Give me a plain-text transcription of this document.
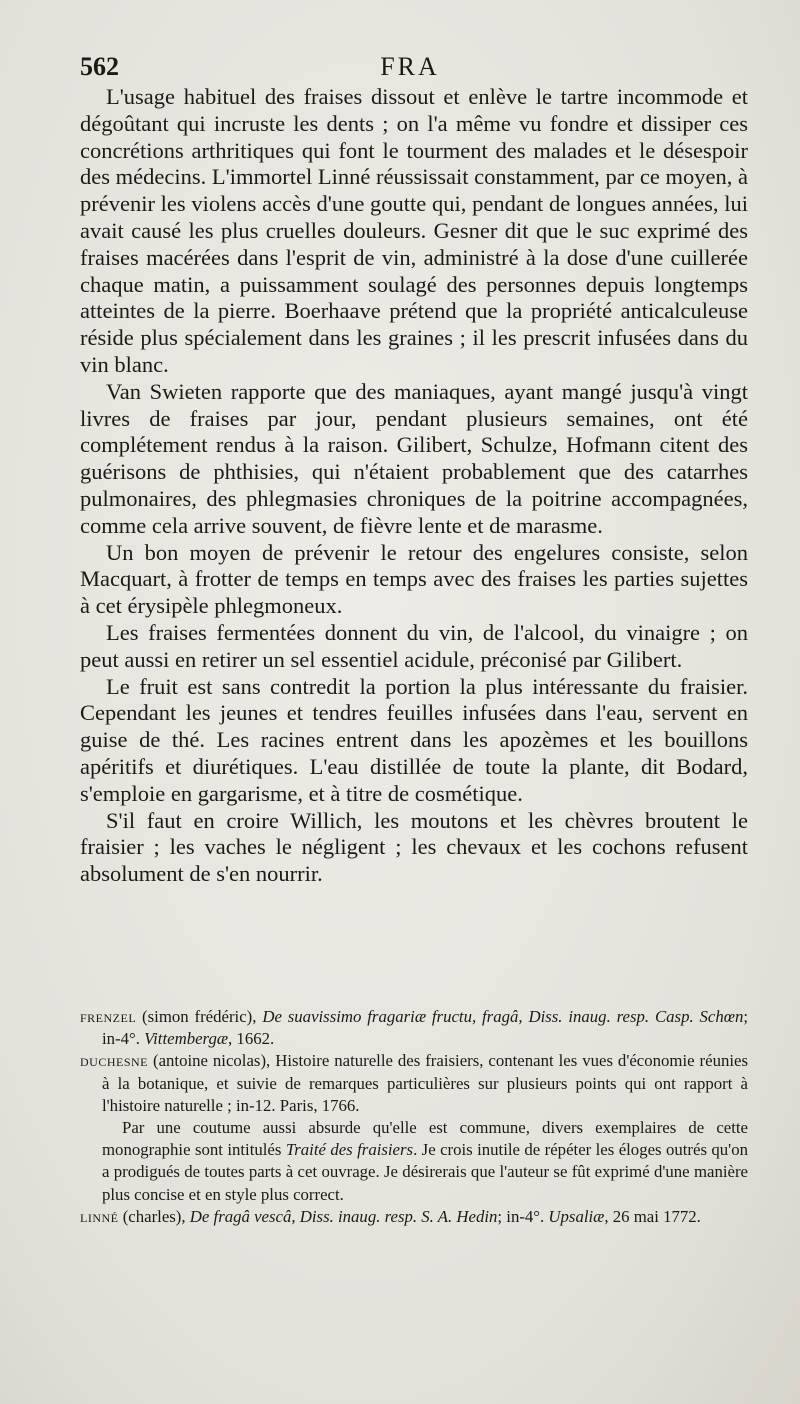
562	FRA

L'usage habituel des fraises dissout et enlève le tartre incommode et dégoûtant qui incruste les dents ; on l'a même vu fondre et dissiper ces concrétions arthritiques qui font le tourment des malades et le désespoir des médecins. L'immortel Linné réussissait constamment, par ce moyen, à prévenir les violens accès d'une goutte qui, pendant de longues années, lui avait causé les plus cruelles douleurs. Gesner dit que le suc exprimé des fraises macérées dans l'esprit de vin, administré à la dose d'une cuillerée chaque matin, a puissamment soulagé des personnes depuis longtemps atteintes de la pierre. Boerhaave prétend que la propriété anticalculeuse réside plus spécialement dans les graines ; il les prescrit infusées dans du vin blanc.

Van Swieten rapporte que des maniaques, ayant mangé jusqu'à vingt livres de fraises par jour, pendant plusieurs semaines, ont été complétement rendus à la raison. Gilibert, Schulze, Hofmann citent des guérisons de phthisies, qui n'étaient probablement que des catarrhes pulmonaires, des phlegmasies chroniques de la poitrine accompagnées, comme cela arrive souvent, de fièvre lente et de marasme.

Un bon moyen de prévenir le retour des engelures consiste, selon Macquart, à frotter de temps en temps avec des fraises les parties sujettes à cet érysipèle phlegmoneux.

Les fraises fermentées donnent du vin, de l'alcool, du vinaigre ; on peut aussi en retirer un sel essentiel acidule, préconisé par Gilibert.

Le fruit est sans contredit la portion la plus intéressante du fraisier. Cependant les jeunes et tendres feuilles infusées dans l'eau, servent en guise de thé. Les racines entrent dans les apozèmes et les bouillons apéritifs et diurétiques. L'eau distillée de toute la plante, dit Bodard, s'emploie en gargarisme, et à titre de cosmétique.

S'il faut en croire Willich, les moutons et les chèvres broutent le fraisier ; les vaches le négligent ; les chevaux et les cochons refusent absolument de s'en nourrir.

frenzel (simon frédéric), De suavissimo fragariæ fructu, fragâ, Diss. inaug. resp. Casp. Schœn; in-4°. Vittembergæ, 1662.

duchesne (antoine nicolas), Histoire naturelle des fraisiers, contenant les vues d'économie réunies à la botanique, et suivie de remarques particulières sur plusieurs points qui ont rapport à l'histoire naturelle ; in-12. Paris, 1766.

Par une coutume aussi absurde qu'elle est commune, divers exemplaires de cette monographie sont intitulés Traité des fraisiers. Je crois inutile de répéter les éloges outrés qu'on a prodigués de toutes parts à cet ouvrage. Je désirerais que l'auteur se fût exprimé d'une manière plus concise et en style plus correct.

linné (charles), De fragâ vescâ, Diss. inaug. resp. S. A. Hedin; in-4°. Upsaliæ, 26 mai 1772.
